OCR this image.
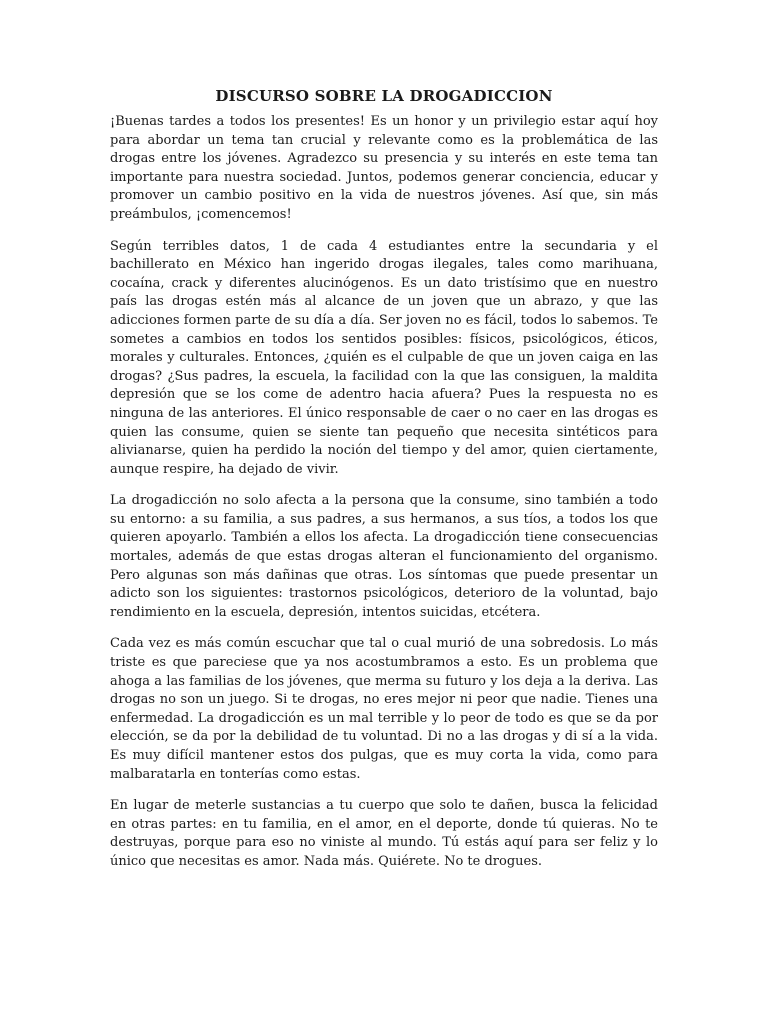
DISCURSO SOBRE LA DROGADICCION

¡Buenas tardes a todos los presentes! Es un honor y un privilegio estar aquí hoy para abordar un tema tan crucial y relevante como es la problemática de las drogas entre los jóvenes. Agradezco su presencia y su interés en este tema tan importante para nuestra sociedad. Juntos, podemos generar conciencia, educar y promover un cambio positivo en la vida de nuestros jóvenes. Así que, sin más preámbulos, ¡comencemos!

Según terribles datos, 1 de cada 4 estudiantes entre la secundaria y el bachillerato en México han ingerido drogas ilegales, tales como marihuana, cocaína, crack y diferentes alucinógenos. Es un dato tristísimo que en nuestro país las drogas estén más al alcance de un joven que un abrazo, y que las adicciones formen parte de su día a día. Ser joven no es fácil, todos lo sabemos. Te sometes a cambios en todos los sentidos posibles: físicos, psicológicos, éticos, morales y culturales. Entonces, ¿quién es el culpable de que un joven caiga en las drogas? ¿Sus padres, la escuela, la facilidad con la que las consiguen, la maldita depresión que se los come de adentro hacia afuera? Pues la respuesta no es ninguna de las anteriores. El único responsable de caer o no caer en las drogas es quien las consume, quien se siente tan pequeño que necesita sintéticos para alivianarse, quien ha perdido la noción del tiempo y del amor, quien ciertamente, aunque respire, ha dejado de vivir.

La drogadicción no solo afecta a la persona que la consume, sino también a todo su entorno: a su familia, a sus padres, a sus hermanos, a sus tíos, a todos los que quieren apoyarlo. También a ellos los afecta. La drogadicción tiene consecuencias mortales, además de que estas drogas alteran el funcionamiento del organismo. Pero algunas son más dañinas que otras. Los síntomas que puede presentar un adicto son los siguientes: trastornos psicológicos, deterioro de la voluntad, bajo rendimiento en la escuela, depresión, intentos suicidas, etcétera.

Cada vez es más común escuchar que tal o cual murió de una sobredosis. Lo más triste es que pareciese que ya nos acostumbramos a esto. Es un problema que ahoga a las familias de los jóvenes, que merma su futuro y los deja a la deriva. Las drogas no son un juego. Si te drogas, no eres mejor ni peor que nadie. Tienes una enfermedad. La drogadicción es un mal terrible y lo peor de todo es que se da por elección, se da por la debilidad de tu voluntad. Di no a las drogas y di sí a la vida. Es muy difícil mantener estos dos pulgas, que es muy corta la vida, como para malbaratarla en tonterías como estas.

En lugar de meterle sustancias a tu cuerpo que solo te dañen, busca la felicidad en otras partes: en tu familia, en el amor, en el deporte, donde tú quieras. No te destruyas, porque para eso no viniste al mundo. Tú estás aquí para ser feliz y lo único que necesitas es amor. Nada más. Quiérete. No te drogues.
